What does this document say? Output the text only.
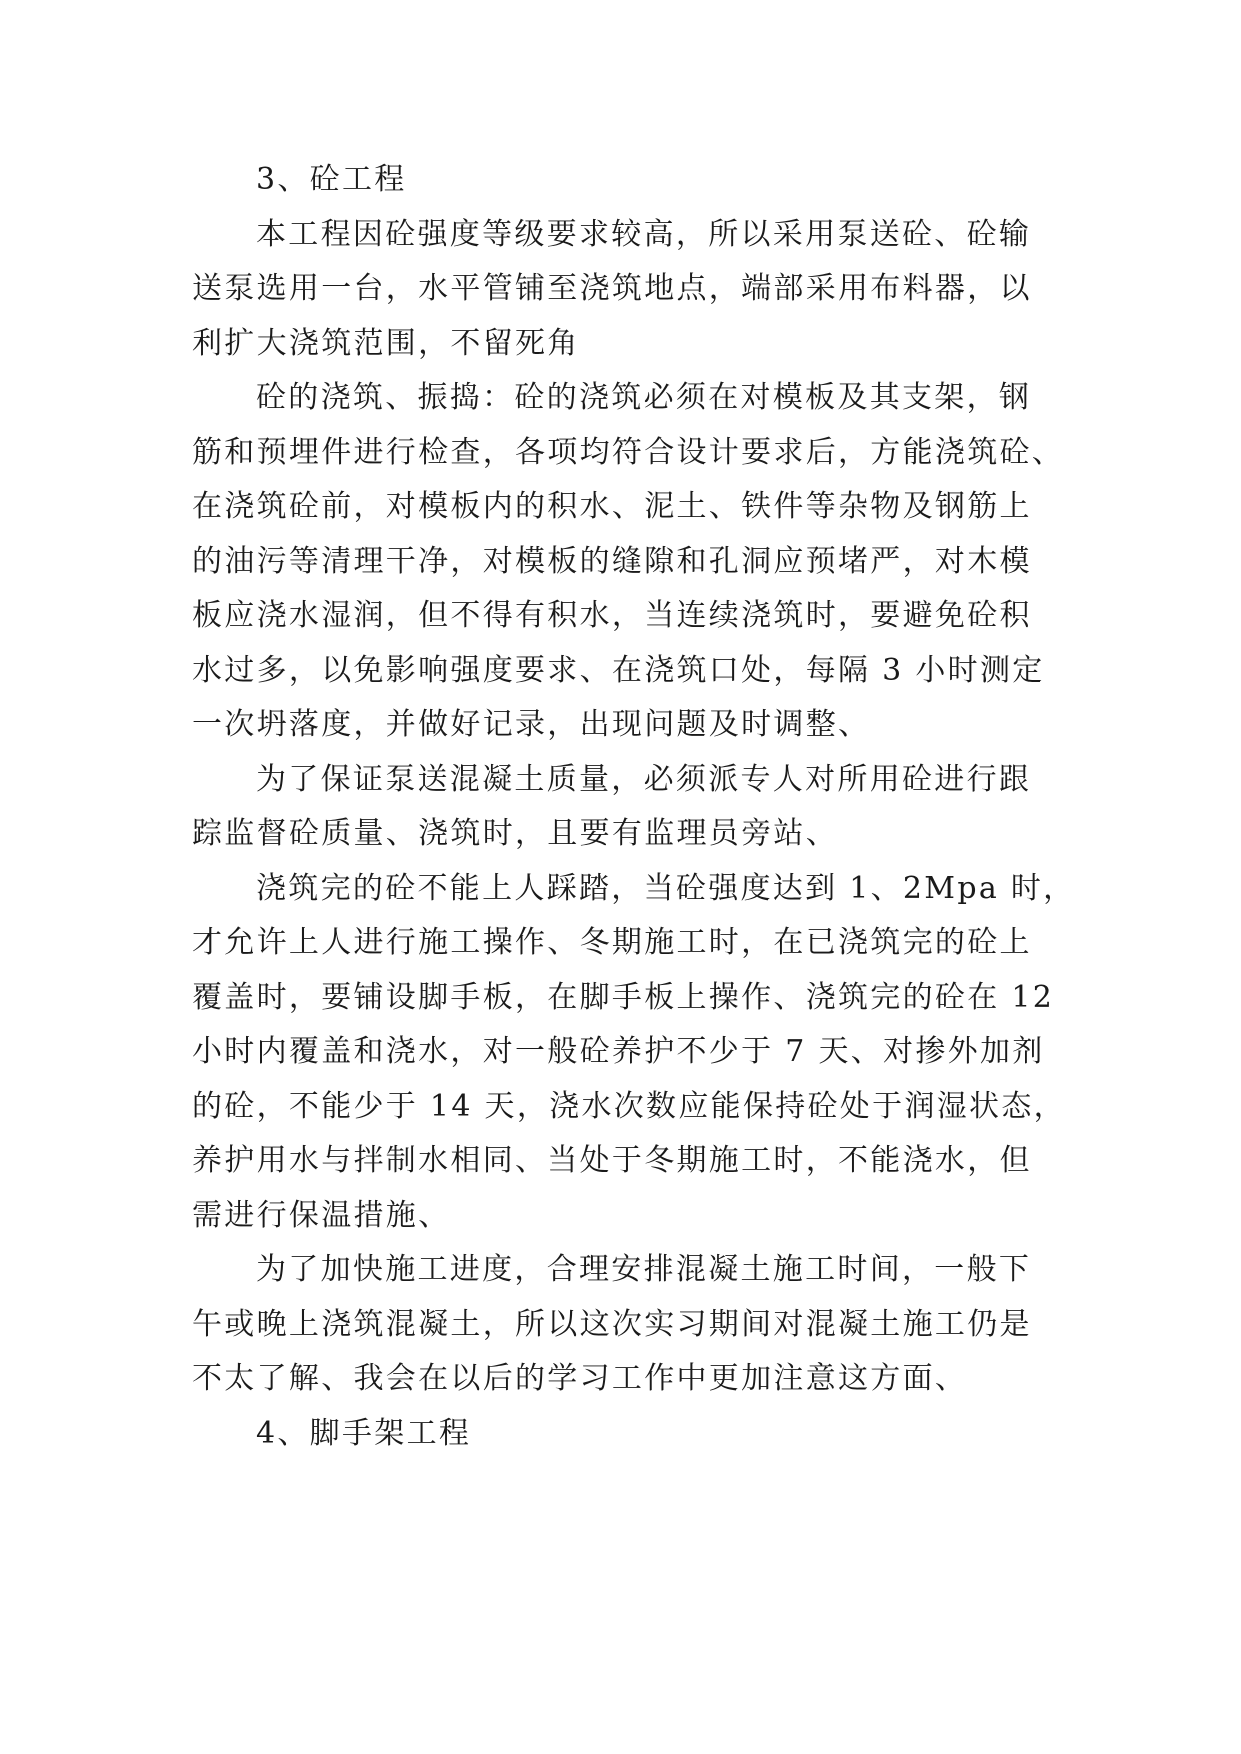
3、砼工程
本工程因砼强度等级要求较高，所以采用泵送砼、砼输
送泵选用一台，水平管铺至浇筑地点，端部采用布料器，以
利扩大浇筑范围，不留死角
砼的浇筑、振捣：砼的浇筑必须在对模板及其支架，钢
筋和预埋件进行检查，各项均符合设计要求后，方能浇筑砼、
在浇筑砼前，对模板内的积水、泥土、铁件等杂物及钢筋上
的油污等清理干净，对模板的缝隙和孔洞应预堵严，对木模
板应浇水湿润，但不得有积水，当连续浇筑时，要避免砼积
水过多，以免影响强度要求、在浇筑口处，每隔 3 小时测定
一次坍落度，并做好记录，出现问题及时调整、
为了保证泵送混凝土质量，必须派专人对所用砼进行跟
踪监督砼质量、浇筑时，且要有监理员旁站、
浇筑完的砼不能上人踩踏，当砼强度达到 1、2Mpa 时，
才允许上人进行施工操作、冬期施工时，在已浇筑完的砼上
覆盖时，要铺设脚手板，在脚手板上操作、浇筑完的砼在 12
小时内覆盖和浇水，对一般砼养护不少于 7 天、对掺外加剂
的砼，不能少于 14 天，浇水次数应能保持砼处于润湿状态，
养护用水与拌制水相同、当处于冬期施工时，不能浇水，但
需进行保温措施、
为了加快施工进度，合理安排混凝土施工时间，一般下
午或晚上浇筑混凝土，所以这次实习期间对混凝土施工仍是
不太了解、我会在以后的学习工作中更加注意这方面、
4、脚手架工程
